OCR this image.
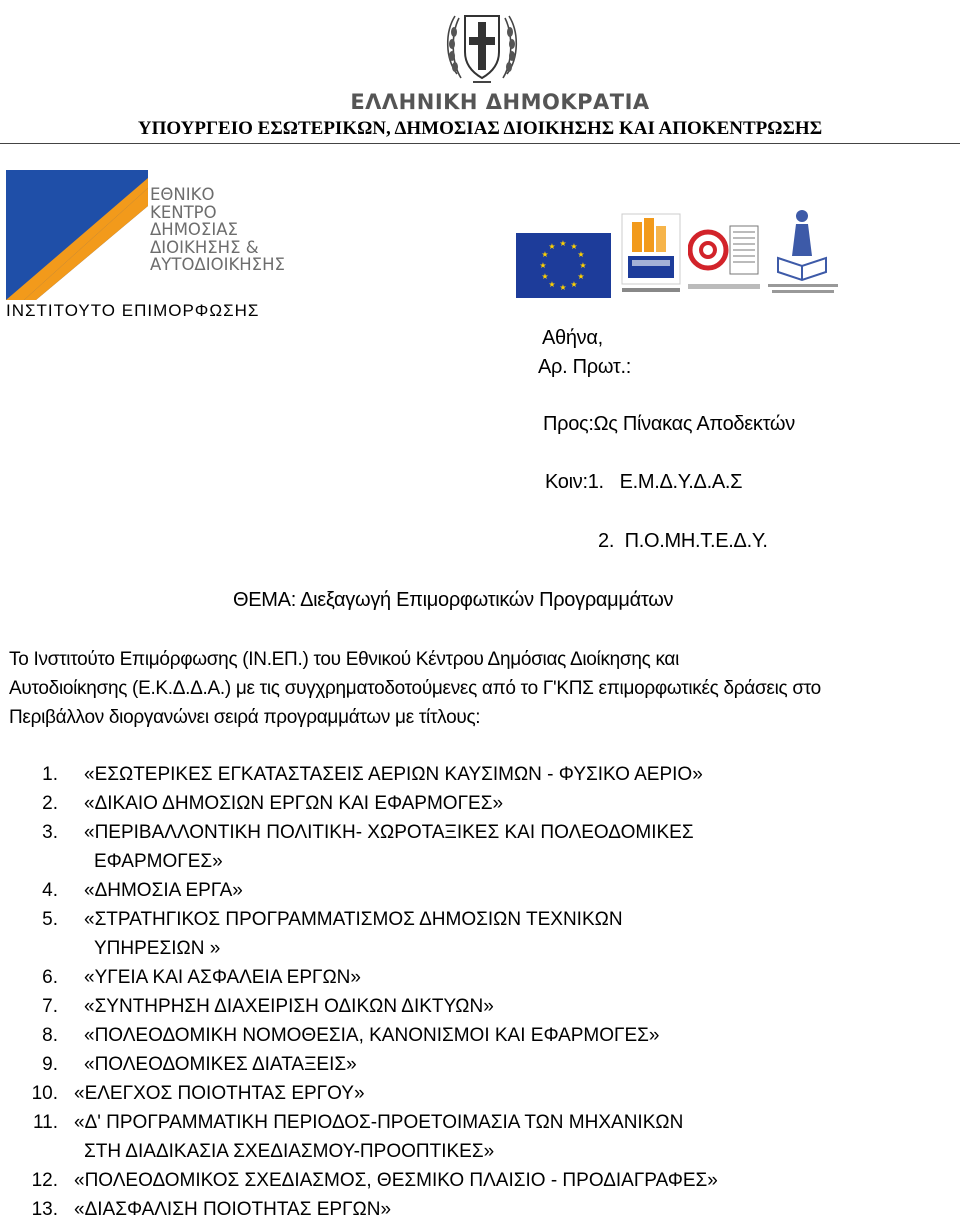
ΕΛΛΗΝΙΚΗ ΔΗΜΟΚΡΑΤΙΑ
ΥΠΟΥΡΓΕΙΟ ΕΣΩΤΕΡΙΚΩΝ, ΔΗΜΟΣΙΑΣ ΔΙΟΙΚΗΣΗΣ ΚΑΙ ΑΠΟΚΕΝΤΡΩΣΗΣ
ΕΘΝΙΚΟ
ΚΕΝΤΡΟ
ΔΗΜΟΣΙΑΣ
ΔΙΟΙΚΗΣΗΣ &
ΑΥΤΟΔΙΟΙΚΗΣΗΣ
ΙΝΣΤΙΤΟΥΤΟ ΕΠΙΜΟΡΦΩΣΗΣ
★ ★
★
★
★
★
★
★
★
★
★
★
Αθήνα,
Αρ. Πρωτ.:
Προς:Ως Πίνακας Αποδεκτών
Κοιν:1.   Ε.Μ.Δ.Υ.Δ.Α.Σ
2.  Π.Ο.ΜΗ.Τ.Ε.Δ.Υ.
ΘΕΜΑ: Διεξαγωγή Επιμορφωτικών Προγραμμάτων
Το Ινστιτούτο Επιμόρφωσης (ΙΝ.ΕΠ.) του Εθνικού Κέντρου Δημόσιας Διοίκησης και
Αυτοδιοίκησης (Ε.Κ.Δ.Δ.Α.) με τις συγχρηματοδοτούμενες από το Γ'ΚΠΣ επιμορφωτικές δράσεις στο
Περιβάλλον διοργανώνει σειρά προγραμμάτων με τίτλους:
1. «ΕΣΩΤΕΡΙΚΕΣ ΕΓΚΑΤΑΣΤΑΣΕΙΣ ΑΕΡΙΩΝ ΚΑΥΣΙΜΩΝ - ΦΥΣΙΚΟ ΑΕΡΙΟ»
2. «ΔΙΚΑΙΟ ΔΗΜΟΣΙΩΝ ΕΡΓΩΝ ΚΑΙ ΕΦΑΡΜΟΓΕΣ»
3. «ΠΕΡΙΒΑΛΛΟΝΤΙΚΗ ΠΟΛΙΤΙΚΗ- ΧΩΡΟΤΑΞΙΚΕΣ ΚΑΙ ΠΟΛΕΟΔΟΜΙΚΕΣ
ΕΦΑΡΜΟΓΕΣ»
4. «ΔΗΜΟΣΙΑ ΕΡΓΑ»
5. «ΣΤΡΑΤΗΓΙΚΟΣ ΠΡΟΓΡΑΜΜΑΤΙΣΜΟΣ ΔΗΜΟΣΙΩΝ ΤΕΧΝΙΚΩΝ
ΥΠΗΡΕΣΙΩΝ »
6. «ΥΓΕΙΑ ΚΑΙ ΑΣΦΑΛΕΙΑ ΕΡΓΩΝ»
7. «ΣΥΝΤΗΡΗΣΗ ΔΙΑΧΕΙΡΙΣΗ ΟΔΙΚΩΝ ΔΙΚΤΥΩΝ»
8. «ΠΟΛΕΟΔΟΜΙΚΗ ΝΟΜΟΘΕΣΙΑ, ΚΑΝΟΝΙΣΜΟΙ ΚΑΙ ΕΦΑΡΜΟΓΕΣ»
9. «ΠΟΛΕΟΔΟΜΙΚΕΣ ΔΙΑΤΑΞΕΙΣ»
10. «ΕΛΕΓΧΟΣ ΠΟΙΟΤΗΤΑΣ ΕΡΓΟΥ»
11. «Δ' ΠΡΟΓΡΑΜΜΑΤΙΚΗ ΠΕΡΙΟΔΟΣ-ΠΡΟΕΤΟΙΜΑΣΙΑ ΤΩΝ ΜΗΧΑΝΙΚΩΝ
ΣΤΗ ΔΙΑΔΙΚΑΣΙΑ ΣΧΕΔΙΑΣΜΟΥ-ΠΡΟΟΠΤΙΚΕΣ»
12. «ΠΟΛΕΟΔΟΜΙΚΟΣ ΣΧΕΔΙΑΣΜΟΣ, ΘΕΣΜΙΚΟ ΠΛΑΙΣΙΟ - ΠΡΟΔΙΑΓΡΑΦΕΣ»
13. «ΔΙΑΣΦΑΛΙΣΗ ΠΟΙΟΤΗΤΑΣ ΕΡΓΩΝ»
